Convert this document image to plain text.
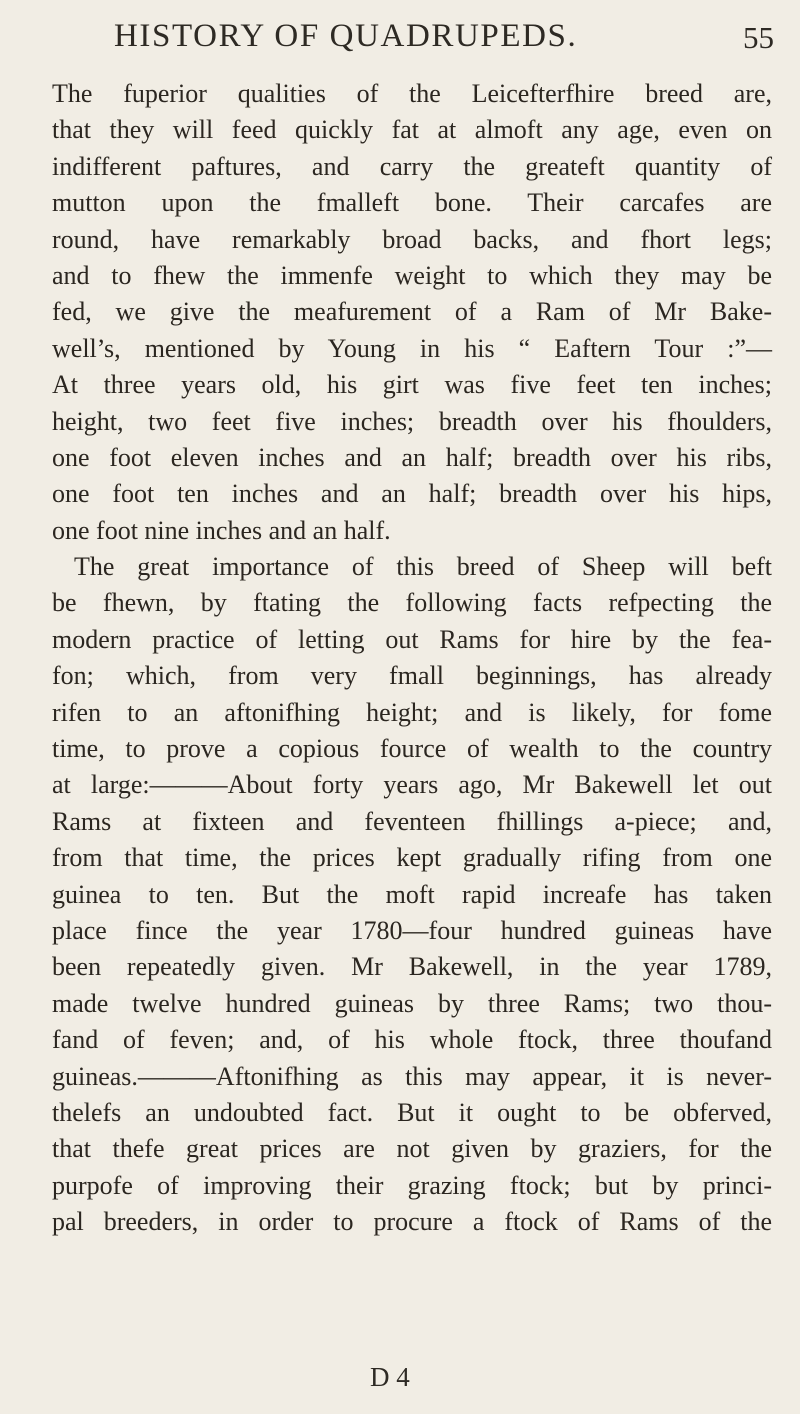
HISTORY OF QUADRUPEDS.	55
The fuperior qualities of the Leicefterfhire breed are,
that they will feed quickly fat at almoft any age, even on
indifferent paftures, and carry the greateft quantity of
mutton upon the fmalleft bone. Their carcafes are
round, have remarkably broad backs, and fhort legs;
and to fhew the immenfe weight to which they may be
fed, we give the meafurement of a Ram of Mr Bake-
well’s, mentioned by Young in his “ Eaftern Tour :”—
At three years old, his girt was five feet ten inches;
height, two feet five inches; breadth over his fhoulders,
one foot eleven inches and an half; breadth over his ribs,
one foot ten inches and an half; breadth over his hips,
one foot nine inches and an half.
The great importance of this breed of Sheep will beft
be fhewn, by ftating the following facts refpecting the
modern practice of letting out Rams for hire by the fea-
fon; which, from very fmall beginnings, has already
rifen to an aftonifhing height; and is likely, for fome
time, to prove a copious fource of wealth to the country
at large:———About forty years ago, Mr Bakewell let out
Rams at fixteen and feventeen fhillings a-piece; and,
from that time, the prices kept gradually rifing from one
guinea to ten. But the moft rapid increafe has taken
place fince the year 1780—four hundred guineas have
been repeatedly given. Mr Bakewell, in the year 1789,
made twelve hundred guineas by three Rams; two thou-
fand of feven; and, of his whole ftock, three thoufand
guineas.———Aftonifhing as this may appear, it is never-
thelefs an undoubted fact. But it ought to be obferved,
that thefe great prices are not given by graziers, for the
purpofe of improving their grazing ftock; but by princi-
pal breeders, in order to procure a ftock of Rams of the
D 4
